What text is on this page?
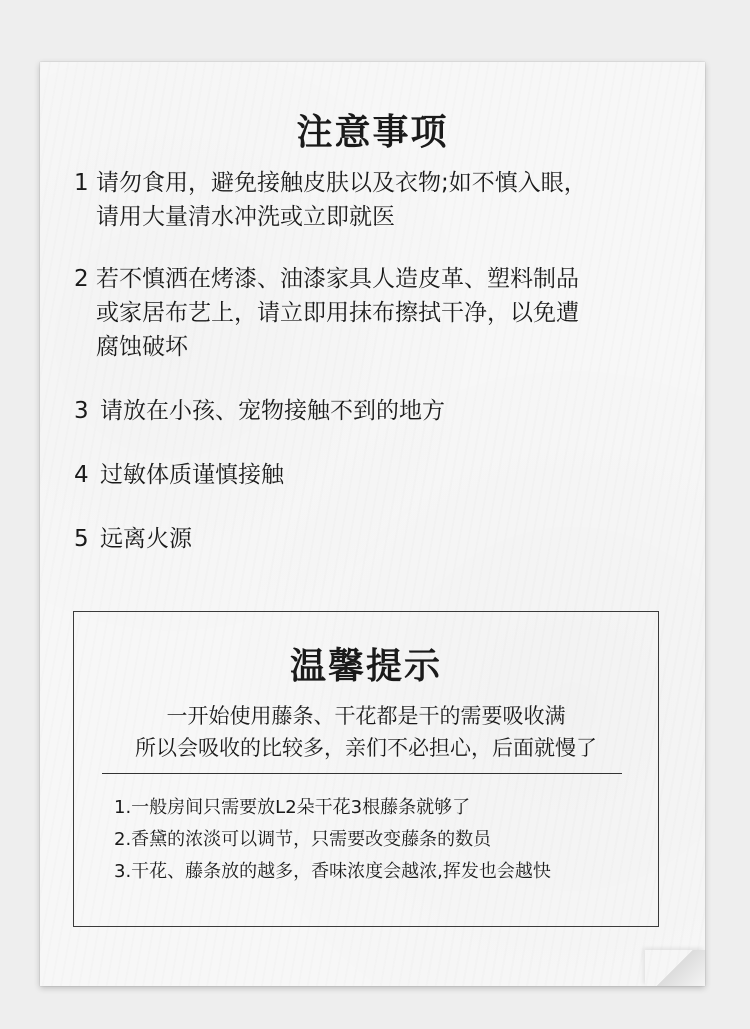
注意事项
1 请勿食用，避免接触皮肤以及衣物;如不慎入眼，
请用大量清水冲洗或立即就医
2 若不慎洒在烤漆、油漆家具人造皮革、塑料制品
或家居布艺上，请立即用抹布擦拭干净，以免遭
腐蚀破坏
3 请放在小孩、宠物接触不到的地方
4 过敏体质谨慎接触
5 远离火源
温馨提示
一开始使用藤条、干花都是干的需要吸收满
所以会吸收的比较多，亲们不必担心，后面就慢了
1.一般房间只需要放L2朵干花3根藤条就够了
2.香黛的浓淡可以调节，只需要改变藤条的数员
3.干花、藤条放的越多，香味浓度会越浓,挥发也会越快
